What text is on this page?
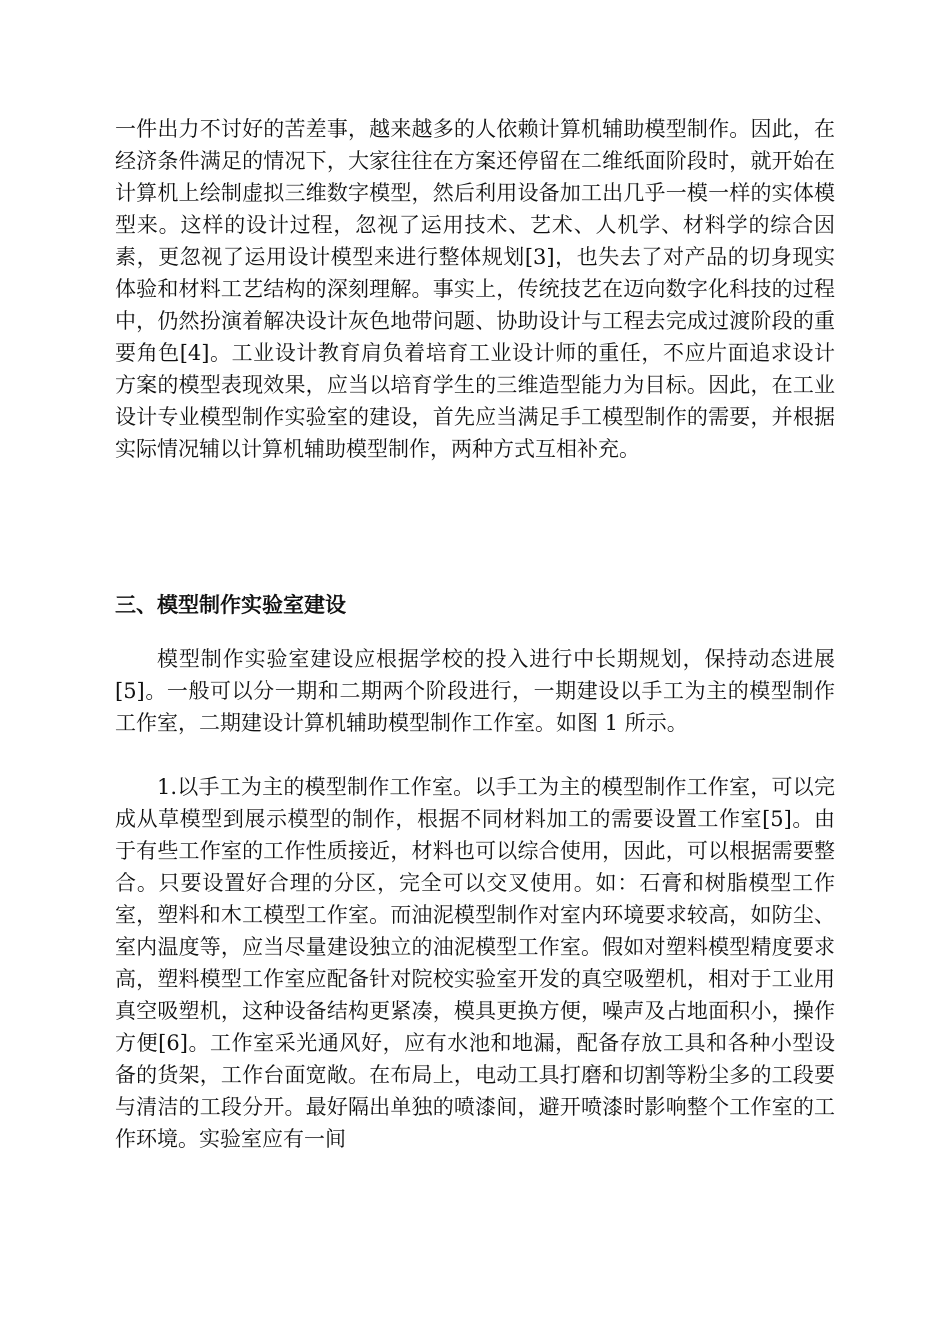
一件出力不讨好的苦差事，越来越多的人依赖计算机辅助模型制作。因此，在经济条件满足的情况下，大家往往在方案还停留在二维纸面阶段时，就开始在计算机上绘制虚拟三维数字模型，然后利用设备加工出几乎一模一样的实体模型来。这样的设计过程，忽视了运用技术、艺术、人机学、材料学的综合因素，更忽视了运用设计模型来进行整体规划[3]，也失去了对产品的切身现实体验和材料工艺结构的深刻理解。事实上，传统技艺在迈向数字化科技的过程中，仍然扮演着解决设计灰色地带问题、协助设计与工程去完成过渡阶段的重要角色[4]。工业设计教育肩负着培育工业设计师的重任，不应片面追求设计方案的模型表现效果，应当以培育学生的三维造型能力为目标。因此，在工业设计专业模型制作实验室的建设，首先应当满足手工模型制作的需要，并根据实际情况辅以计算机辅助模型制作，两种方式互相补充。

三、模型制作实验室建设

模型制作实验室建设应根据学校的投入进行中长期规划，保持动态进展[5]。一般可以分一期和二期两个阶段进行，一期建设以手工为主的模型制作工作室，二期建设计算机辅助模型制作工作室。如图 1 所示。

1.以手工为主的模型制作工作室。以手工为主的模型制作工作室，可以完成从草模型到展示模型的制作，根据不同材料加工的需要设置工作室[5]。由于有些工作室的工作性质接近，材料也可以综合使用，因此，可以根据需要整合。只要设置好合理的分区，完全可以交叉使用。如：石膏和树脂模型工作室，塑料和木工模型工作室。而油泥模型制作对室内环境要求较高，如防尘、室内温度等，应当尽量建设独立的油泥模型工作室。假如对塑料模型精度要求高，塑料模型工作室应配备针对院校实验室开发的真空吸塑机，相对于工业用真空吸塑机，这种设备结构更紧凑，模具更换方便，噪声及占地面积小，操作方便[6]。工作室采光通风好，应有水池和地漏，配备存放工具和各种小型设备的货架，工作台面宽敞。在布局上，电动工具打磨和切割等粉尘多的工段要与清洁的工段分开。最好隔出单独的喷漆间，避开喷漆时影响整个工作室的工作环境。实验室应有一间
